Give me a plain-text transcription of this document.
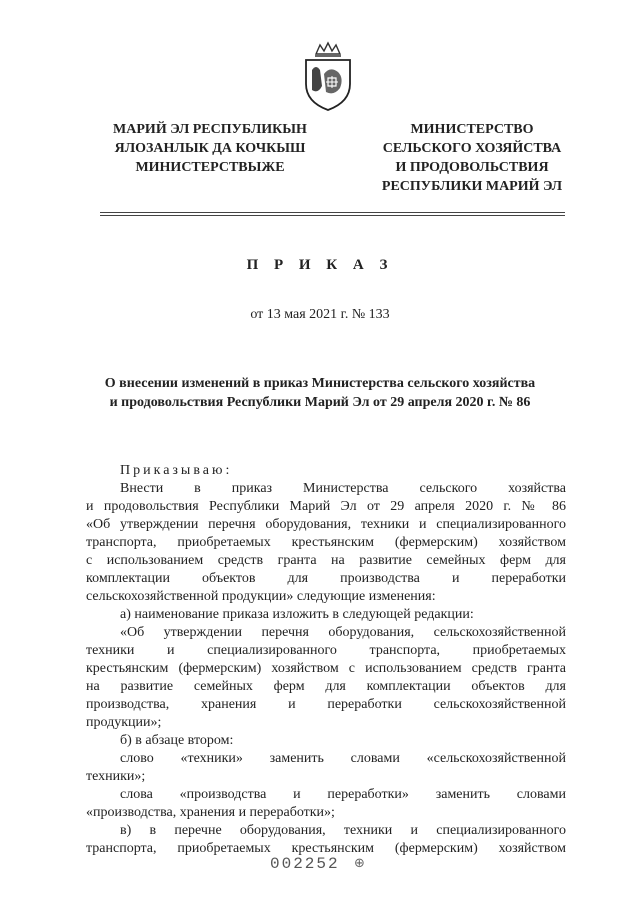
МАРИЙ ЭЛ РЕСПУБЛИКЫН
ЯЛОЗАНЛЫК ДА КОЧКЫШ
МИНИСТЕРСТВЫЖЕ
МИНИСТЕРСТВО
СЕЛЬСКОГО ХОЗЯЙСТВА
И ПРОДОВОЛЬСТВИЯ
РЕСПУБЛИКИ МАРИЙ ЭЛ
П Р И К А З
от 13 мая 2021 г. № 133
О внесении изменений в приказ Министерства сельского хозяйства
и продовольствия Республики Марий Эл от 29 апреля 2020 г. № 86
Приказываю:
Внести в приказ Министерства сельского хозяйства
и продовольствия Республики Марий Эл от 29 апреля 2020 г. № 86
«Об утверждении перечня оборудования, техники и специализированного
транспорта, приобретаемых крестьянским (фермерским) хозяйством
с использованием средств гранта на развитие семейных ферм для
комплектации объектов для производства и переработки
сельскохозяйственной продукции» следующие изменения:
а) наименование приказа изложить в следующей редакции:
«Об утверждении перечня оборудования, сельскохозяйственной
техники и специализированного транспорта, приобретаемых
крестьянским (фермерским) хозяйством с использованием средств гранта
на развитие семейных ферм для комплектации объектов для
производства, хранения и переработки сельскохозяйственной
продукции»;
б) в абзаце втором:
слово «техники» заменить словами «сельскохозяйственной
техники»;
слова «производства и переработки» заменить словами
«производства, хранения и переработки»;
в) в перечне оборудования, техники и специализированного
транспорта, приобретаемых крестьянским (фермерским) хозяйством
002252 ⊕
